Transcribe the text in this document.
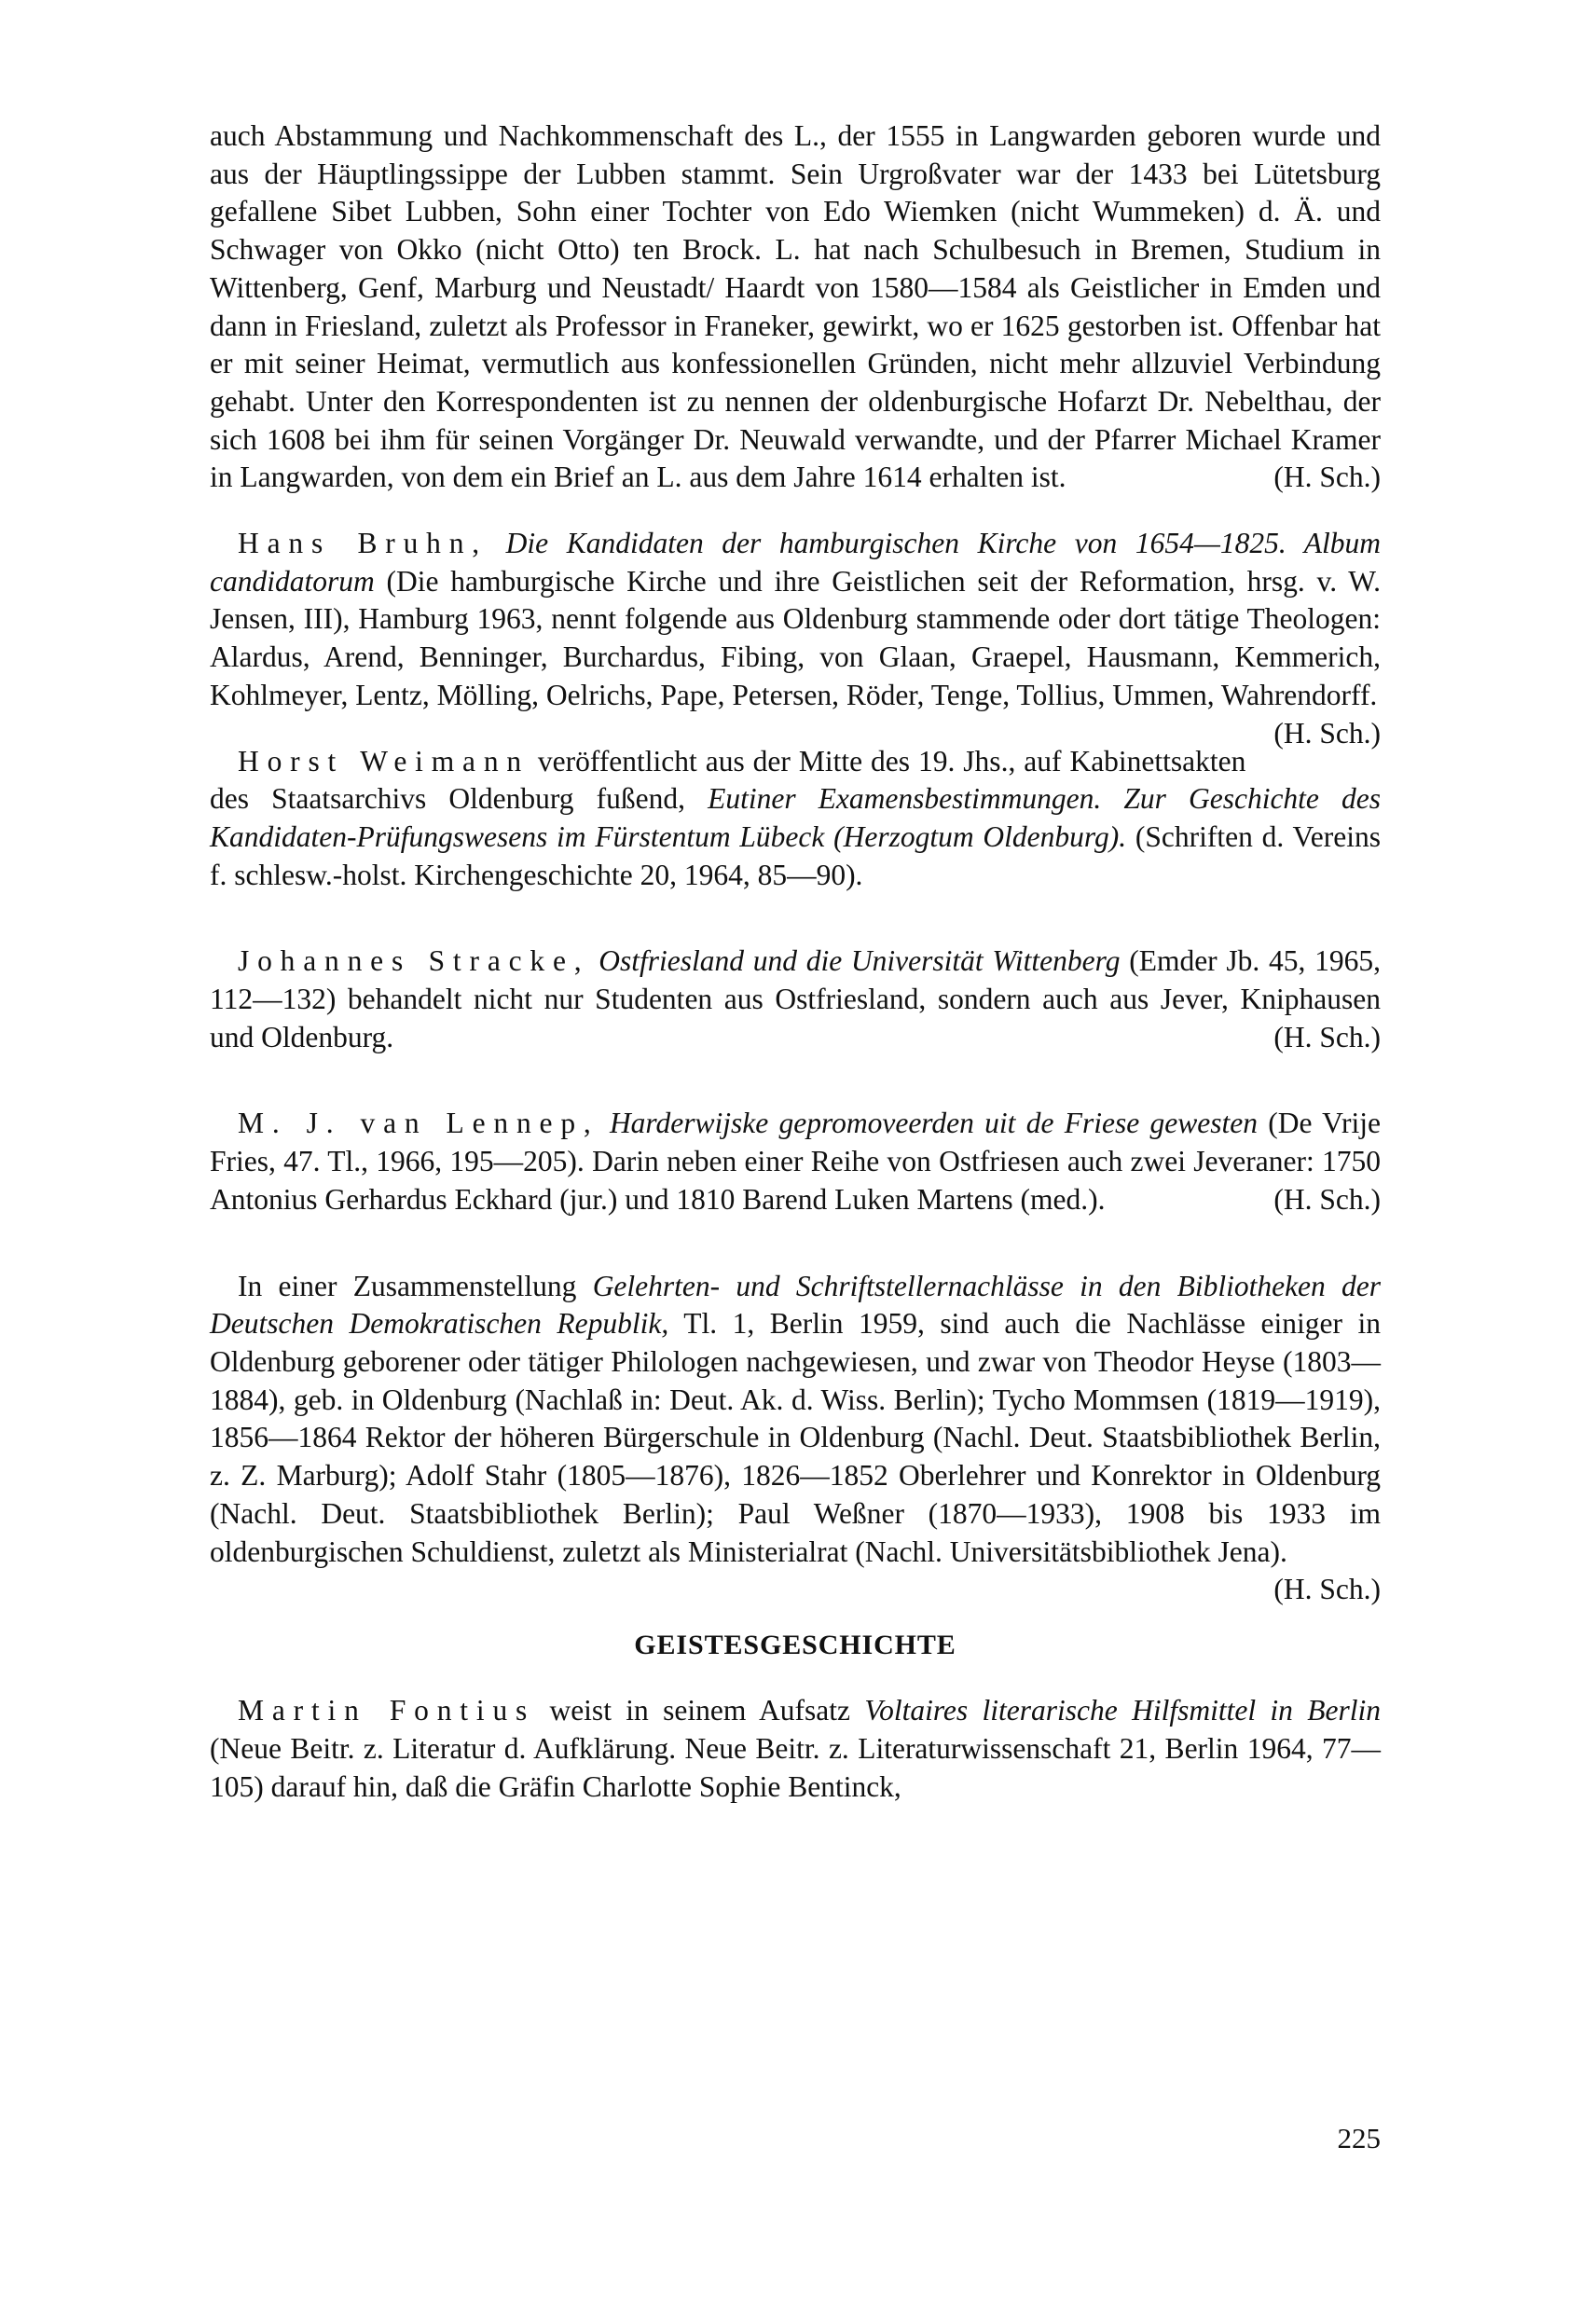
auch Abstammung und Nachkommenschaft des L., der 1555 in Langwarden geboren wurde und aus der Häuptlingssippe der Lubben stammt. Sein Urgroßvater war der 1433 bei Lütetsburg gefallene Sibet Lubben, Sohn einer Tochter von Edo Wiemken (nicht Wummeken) d. Ä. und Schwager von Okko (nicht Otto) ten Brock. L. hat nach Schulbesuch in Bremen, Studium in Wittenberg, Genf, Marburg und Neustadt/ Haardt von 1580—1584 als Geistlicher in Emden und dann in Friesland, zuletzt als Professor in Franeker, gewirkt, wo er 1625 gestorben ist. Offenbar hat er mit seiner Heimat, vermutlich aus konfessionellen Gründen, nicht mehr allzuviel Verbindung gehabt. Unter den Korrespondenten ist zu nennen der oldenburgische Hofarzt Dr. Nebelthau, der sich 1608 bei ihm für seinen Vorgänger Dr. Neuwald verwandte, und der Pfarrer Michael Kramer in Langwarden, von dem ein Brief an L. aus dem Jahre 1614 erhalten ist.	(H. Sch.)

Hans Bruhn, Die Kandidaten der hamburgischen Kirche von 1654—1825. Album candidatorum (Die hamburgische Kirche und ihre Geistlichen seit der Reformation, hrsg. v. W. Jensen, III), Hamburg 1963, nennt folgende aus Oldenburg stammende oder dort tätige Theologen: Alardus, Arend, Benninger, Burchardus, Fibing, von Glaan, Graepel, Hausmann, Kemmerich, Kohlmeyer, Lentz, Mölling, Oelrichs, Pape, Petersen, Röder, Tenge, Tollius, Ummen, Wahrendorff.
(H. Sch.)

Horst Weimann veröffentlicht aus der Mitte des 19. Jhs., auf Kabinettsakten des Staatsarchivs Oldenburg fußend, Eutiner Examensbestimmungen. Zur Geschichte des Kandidaten-Prüfungswesens im Fürstentum Lübeck (Herzogtum Oldenburg). (Schriften d. Vereins f. schlesw.-holst. Kirchengeschichte 20, 1964, 85—90).

Johannes Stracke, Ostfriesland und die Universität Wittenberg (Emder Jb. 45, 1965, 112—132) behandelt nicht nur Studenten aus Ostfriesland, sondern auch aus Jever, Kniphausen und Oldenburg.	(H. Sch.)

M. J. van Lennep, Harderwijske gepromoveerden uit de Friese gewesten (De Vrije Fries, 47. Tl., 1966, 195—205). Darin neben einer Reihe von Ostfriesen auch zwei Jeveraner: 1750 Antonius Gerhardus Eckhard (jur.) und 1810 Barend Luken Martens (med.).	(H. Sch.)

In einer Zusammenstellung Gelehrten- und Schriftstellernachlässe in den Bibliotheken der Deutschen Demokratischen Republik, Tl. 1, Berlin 1959, sind auch die Nachlässe einiger in Oldenburg geborener oder tätiger Philologen nachgewiesen, und zwar von Theodor Heyse (1803—1884), geb. in Oldenburg (Nachlaß in: Deut. Ak. d. Wiss. Berlin); Tycho Mommsen (1819—1919), 1856—1864 Rektor der höheren Bürgerschule in Oldenburg (Nachl. Deut. Staatsbibliothek Berlin, z. Z. Marburg); Adolf Stahr (1805—1876), 1826—1852 Oberlehrer und Konrektor in Oldenburg (Nachl. Deut. Staatsbibliothek Berlin); Paul Weßner (1870—1933), 1908 bis 1933 im oldenburgischen Schuldienst, zuletzt als Ministerialrat (Nachl. Universitätsbibliothek Jena).
(H. Sch.)

GEISTESGESCHICHTE

Martin Fontius weist in seinem Aufsatz Voltaires literarische Hilfsmittel in Berlin (Neue Beitr. z. Literatur d. Aufklärung. Neue Beitr. z. Literaturwissenschaft 21, Berlin 1964, 77—105) darauf hin, daß die Gräfin Charlotte Sophie Bentinck,

225
